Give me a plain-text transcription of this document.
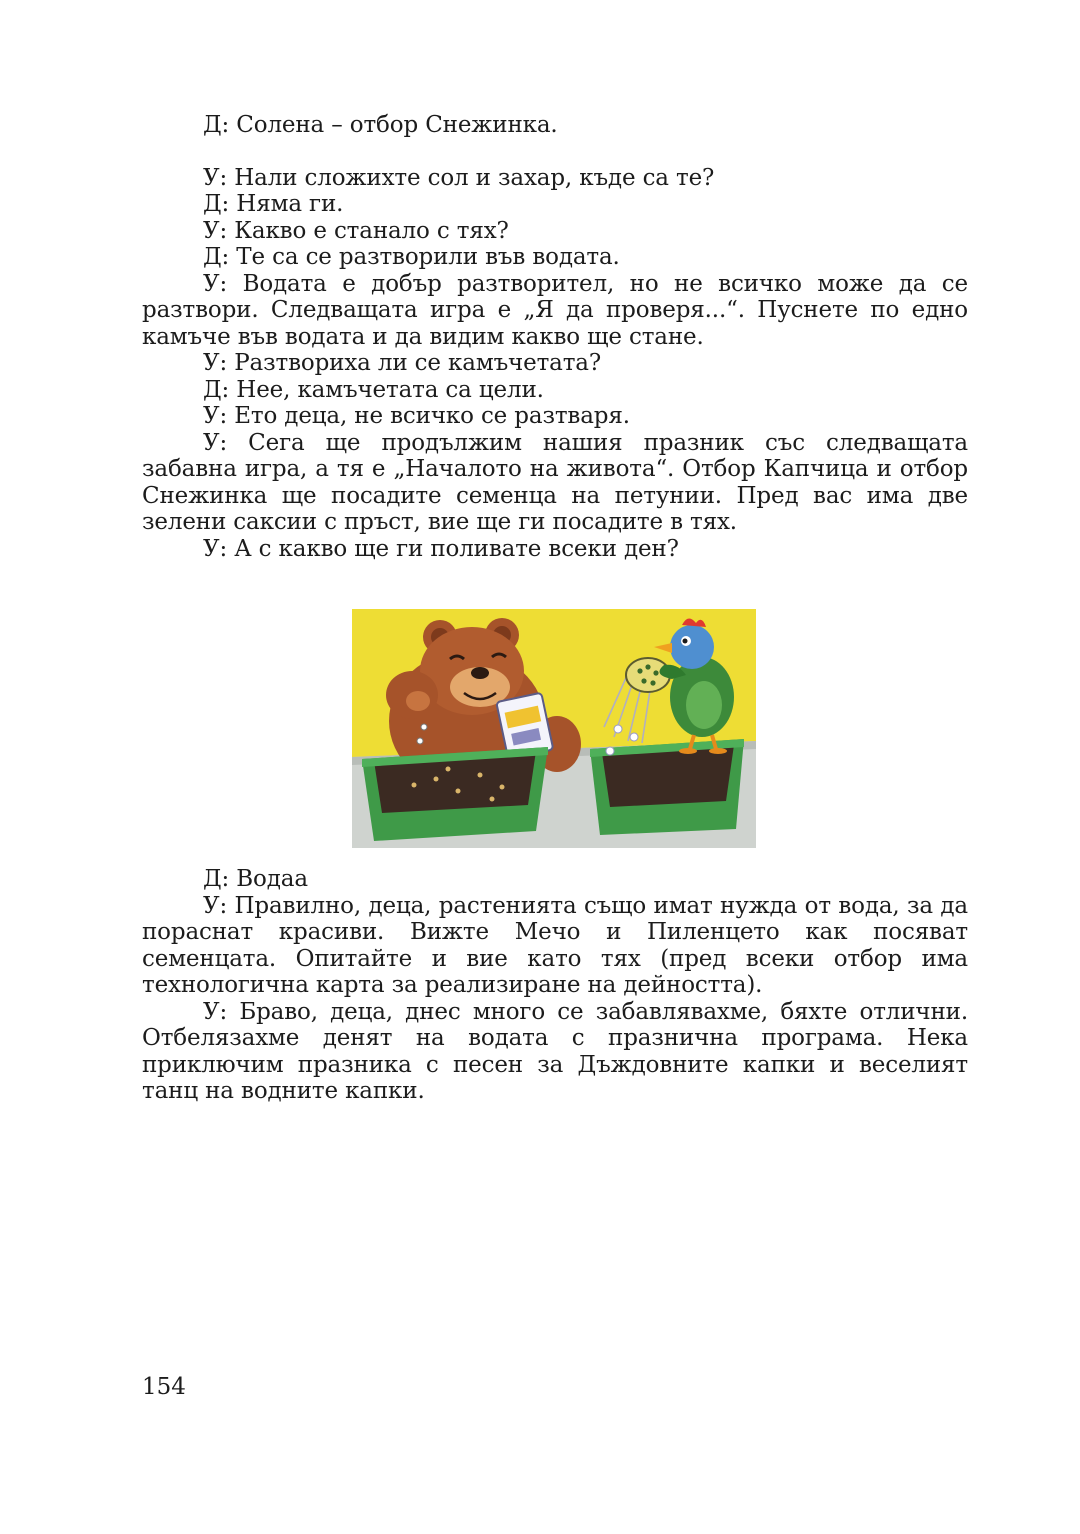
Д: Солена – отбор Снежинка.

У: Нали сложихте сол и захар, къде са те?

Д: Няма ги.

У: Какво е станало с тях?

Д: Те са се разтворили във водата.

У: Водата е добър разтворител, но не всичко може да се разтвори. Следващата игра е „Я да проверя...“. Пуснете по едно камъче във водата и да видим какво ще стане.

У: Разтвориха ли се камъчетата?

Д: Нее, камъчетата са цели.

У: Ето деца, не всичко се разтваря.

У: Сега ще продължим нашия празник със следващата забавна игра, а тя е „Началото на живота“. Отбор Капчица и отбор Снежинка ще посадите семенца на петунии. Пред вас има две зелени саксии с пръст, вие ще ги посадите в тях.

У: А с какво ще ги поливате всеки ден?

Д: Водаа

У: Правилно, деца, растенията също имат нужда от вода, за да пораснат красиви. Вижте Мечо и Пиленцето как посяват семенцата. Опитайте и вие като тях (пред всеки отбор има технологична карта за реализиране на дейността).

У: Браво, деца, днес много се забавлявахме, бяхте отлични. Отбелязахме денят на водата с празнична програма. Нека приключим празника с песен за Дъждовните капки и веселият танц на водните капки.

154
